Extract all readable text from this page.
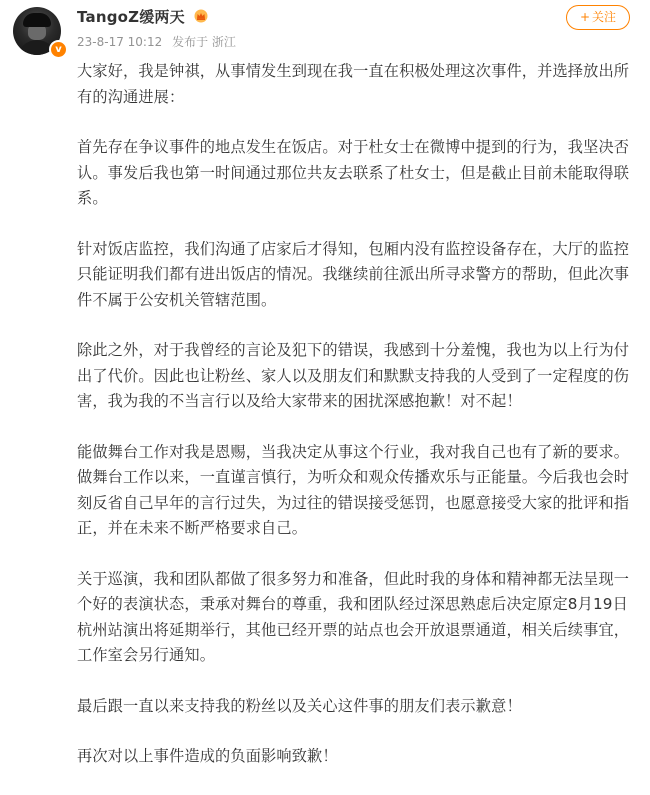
v
TangoZ缓两天
23-8-17 10:12 发布于 浙江
+ 关注

大家好，我是钟祺，从事情发生到现在我一直在积极处理这次事件，并选择放出所有的沟通进展：

首先存在争议事件的地点发生在饭店。对于杜女士在微博中提到的行为，我坚决否认。事发后我也第一时间通过那位共友去联系了杜女士，但是截止目前未能取得联系。

针对饭店监控，我们沟通了店家后才得知，包厢内没有监控设备存在，大厅的监控只能证明我们都有进出饭店的情况。我继续前往派出所寻求警方的帮助，但此次事件不属于公安机关管辖范围。

除此之外，对于我曾经的言论及犯下的错误，我感到十分羞愧，我也为以上行为付出了代价。因此也让粉丝、家人以及朋友们和默默支持我的人受到了一定程度的伤害，我为我的不当言行以及给大家带来的困扰深感抱歉！对不起！

能做舞台工作对我是恩赐，当我决定从事这个行业，我对我自己也有了新的要求。做舞台工作以来，一直谨言慎行，为听众和观众传播欢乐与正能量。今后我也会时刻反省自己早年的言行过失，为过往的错误接受惩罚，也愿意接受大家的批评和指正，并在未来不断严格要求自己。

关于巡演，我和团队都做了很多努力和准备，但此时我的身体和精神都无法呈现一个好的表演状态，秉承对舞台的尊重，我和团队经过深思熟虑后决定原定8月19日杭州站演出将延期举行，其他已经开票的站点也会开放退票通道，相关后续事宜，工作室会另行通知。

最后跟一直以来支持我的粉丝以及关心这件事的朋友们表示歉意！

再次对以上事件造成的负面影响致歉！
